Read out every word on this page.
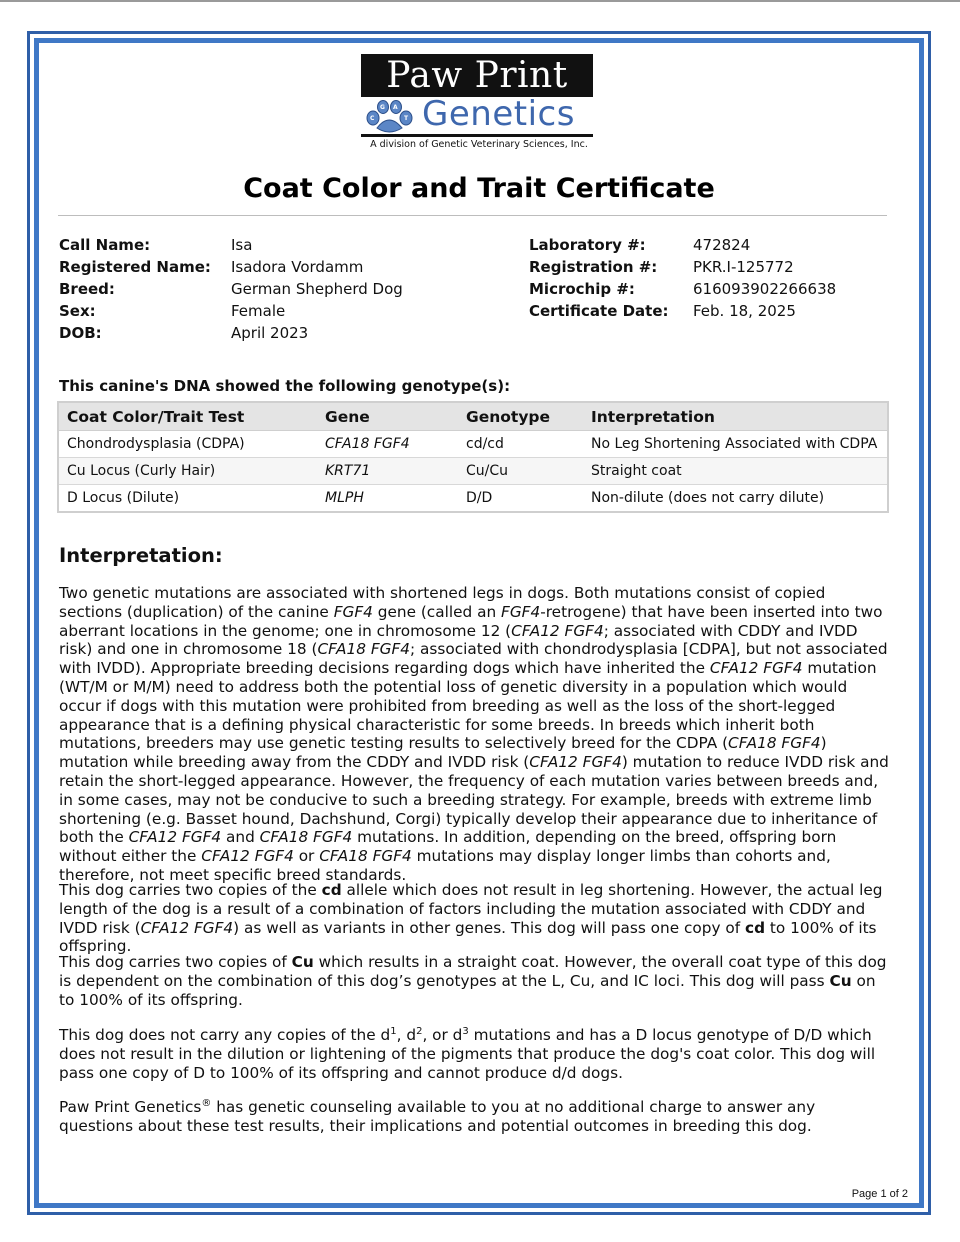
Paw Print
C
G A
T Genetics
A division of Genetic Veterinary Sciences, Inc.
Coat Color and Trait Certificate
Call Name:	Isa
Registered Name: Isadora Vordamm
Breed:	German Shepherd Dog
Sex:	Female
DOB:	April 2023
Laboratory #:	472824
Registration #: PKR.I-125772
Microchip #:	616093902266638
Certificate Date: Feb. 18, 2025
This canine's DNA showed the following genotype(s):
Coat Color/Trait Test	Gene	Genotype	Interpretation
Chondrodysplasia (CDPA)	CFA18 FGF4	cd/cd	No Leg Shortening Associated with CDPA
Cu Locus (Curly Hair)	KRT71	Cu/Cu	Straight coat
D Locus (Dilute)	MLPH	D/D	Non-dilute (does not carry dilute)
Interpretation:

Two genetic mutations are associated with shortened legs in dogs. Both mutations consist of copied sections (duplication) of the canine FGF4 gene (called an FGF4-retrogene) that have been inserted into two aberrant locations in the genome; one in chromosome 12 (CFA12 FGF4; associated with CDDY and IVDD risk) and one in chromosome 18 (CFA18 FGF4; associated with chondrodysplasia [CDPA], but not associated with IVDD). Appropriate breeding decisions regarding dogs which have inherited the CFA12 FGF4 mutation (WT/M or M/M) need to address both the potential loss of genetic diversity in a population which would occur if dogs with this mutation were prohibited from breeding as well as the loss of the short-legged appearance that is a defining physical characteristic for some breeds. In breeds which inherit both mutations, breeders may use genetic testing results to selectively breed for the CDPA (CFA18 FGF4) mutation while breeding away from the CDDY and IVDD risk (CFA12 FGF4) mutation to reduce IVDD risk and retain the short-legged appearance. However, the frequency of each mutation varies between breeds and, in some cases, may not be conducive to such a breeding strategy. For example, breeds with extreme limb shortening (e.g. Basset hound, Dachshund, Corgi) typically develop their appearance due to inheritance of both the CFA12 FGF4 and CFA18 FGF4 mutations. In addition, depending on the breed, offspring born without either the CFA12 FGF4 or CFA18 FGF4 mutations may display longer limbs than cohorts and, therefore, not meet specific breed standards.

This dog carries two copies of the cd allele which does not result in leg shortening. However, the actual leg length of the dog is a result of a combination of factors including the mutation associated with CDDY and IVDD risk (CFA12 FGF4) as well as variants in other genes. This dog will pass one copy of cd to 100% of its offspring.

This dog carries two copies of Cu which results in a straight coat. However, the overall coat type of this dog is dependent on the combination of this dog’s genotypes at the L, Cu, and IC loci. This dog will pass Cu on to 100% of its offspring.

This dog does not carry any copies of the $d^1$, $d^2$, or $d^3$ mutations and has a D locus genotype of D/D which does not result in the dilution or lightening of the pigments that produce the dog's coat color. This dog will pass one copy of D to 100% of its offspring and cannot produce d/d dogs.

Paw Print Genetics® has genetic counseling available to you at no additional charge to answer any questions about these test results, their implications and potential outcomes in breeding this dog.

Page 1 of 2
